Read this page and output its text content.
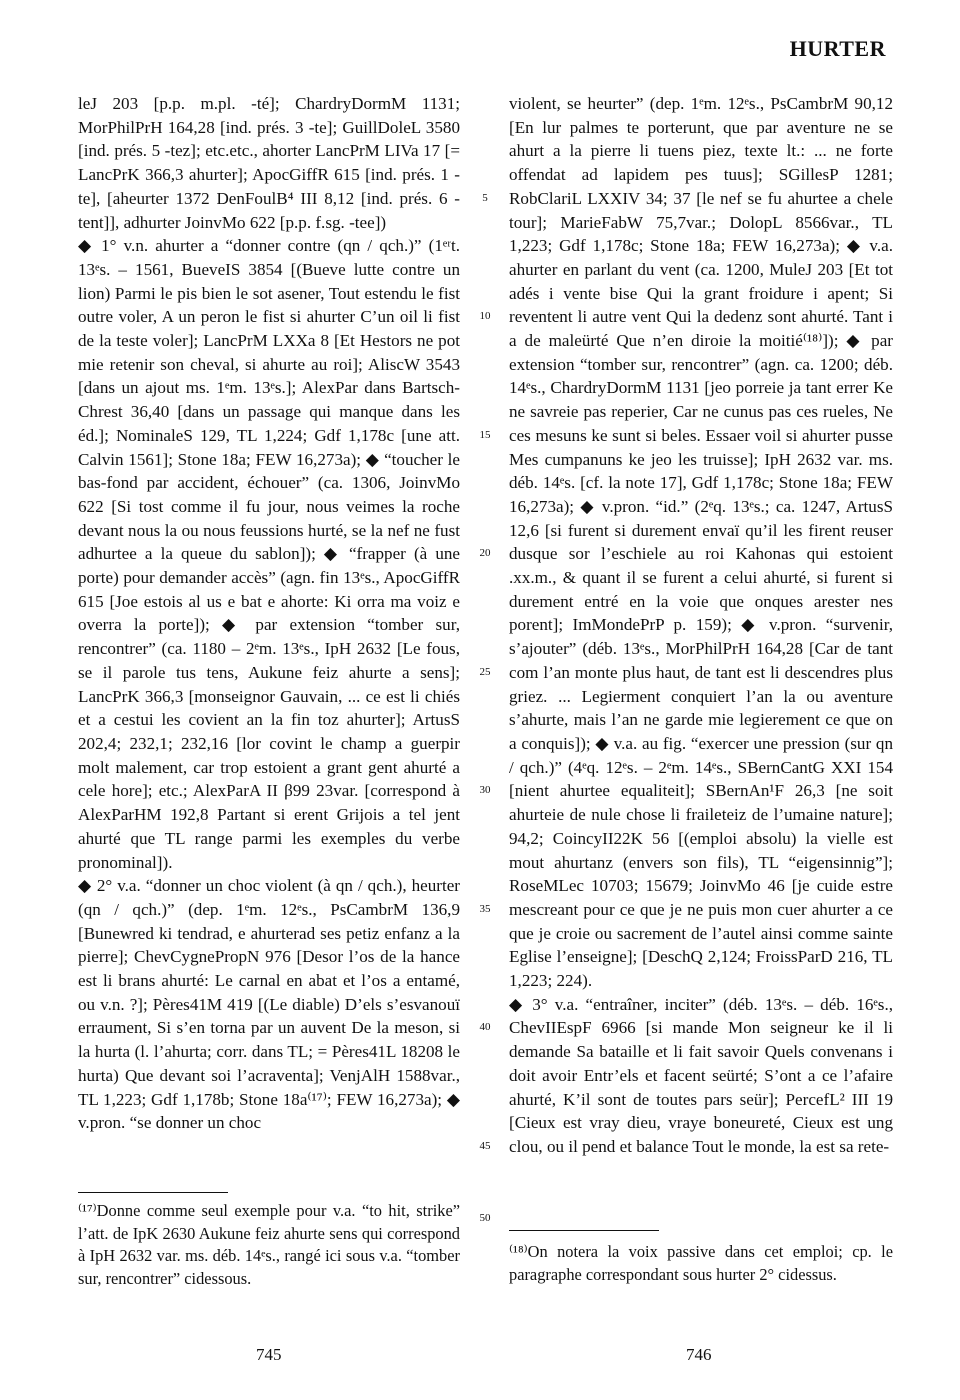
HURTER

leJ 203 [p.p. m.pl. -té]; ChardryDormM 1131; MorPhilPrH 164,28 [ind. prés. 3 -te]; GuillDoleL 3580 [ind. prés. 5 -tez]; etc.etc., ahorter LancPrM LIVa 17 [= LancPrK 366,3 ahurter]; ApocGiffR 615 [ind. prés. 1 -te], [aheurter 1372 DenFoulB⁴ III 8,12 [ind. prés. 6 -tent]], adhurter JoinvMo 622 [p.p. f.sg. -tee])

◆ 1° v.n. ahurter a “donner contre (qn / qch.)” (1ᵉʳt. 13ᵉs. – 1561, BueveIS 3854 [(Bueve lutte contre un lion) Parmi le pis bien le sot asener, Tout estendu le fist outre voler, A un peron le fist si ahurter C’un oil li fist de la teste voler]; LancPrM LXXa 8 [Et Hestors ne pot mie retenir son cheval, si ahurte au roi]; AliscW 3543 [dans un ajout ms. 1ᵉm. 13ᵉs.]; AlexPar dans Bartsch-Chrest 36,40 [dans un passage qui manque dans les éd.]; NominaleS 129, TL 1,224; Gdf 1,178c [une att. Calvin 1561]; Stone 18a; FEW 16,273a); ◆ “toucher le bas-fond par accident, échouer” (ca. 1306, JoinvMo 622 [Si tost comme il fu jour, nous veimes la roche devant nous la ou nous feussions hurté, se la nef ne fust adhurtee a la queue du sablon]); ◆ “frapper (à une porte) pour demander accès” (agn. fin 13ᵉs., ApocGiffR 615 [Joe estois al us e bat e ahorte: Ki orra ma voiz e overra la porte]); ◆ par extension “tomber sur, rencontrer” (ca. 1180 – 2ᵉm. 13ᵉs., IpH 2632 [Le fous, se il parole tus tens, Aukune feiz ahurte a sens]; LancPrK 366,3 [monseignor Gauvain, ... ce est li chiés et a cestui les covient an la fin toz ahurter]; ArtusS 202,4; 232,1; 232,16 [lor covint le champ a guerpir molt malement, car trop estoient a grant gent ahurté a cele hore]; etc.; AlexParA II β99 23var. [correspond à AlexParHM 192,8 Partant si erent Grijois a tel jent ahurté que TL range parmi les exemples du verbe pronominal]).

◆ 2° v.a. “donner un choc violent (à qn / qch.), heurter (qn / qch.)” (dep. 1ᵉm. 12ᵉs., PsCambrM 136,9 [Bunewred ki tendrad, e ahurterad ses petiz enfanz a la pierre]; ChevCygnePropN 976 [Desor l’os de la hance est li brans ahurté: Le carnal en abat et l’os a entamé, ou v.n. ?]; Pères41M 419 [(Le diable) D’els s’esvanouï erraument, Si s’en torna par un auvent De la meson, si la hurta (l. l’ahurta; corr. dans TL; = Pères41L 18208 le hurta) Que devant soi l’acraventa]; VenjAlH 1588var., TL 1,223; Gdf 1,178b; Stone 18a⁽¹⁷⁾; FEW 16,273a); ◆ v.pron. “se donner un choc

5
10
15
20
25
30
35
40
45
50

violent, se heurter” (dep. 1ᵉm. 12ᵉs., PsCambrM 90,12 [En lur palmes te porterunt, que par aventure ne se ahurt a la pierre li tuens piez, texte lt.: ... ne forte offendat ad lapidem pes tuus]; SGillesP 1281; RobClariL LXXIV 34; 37 [le nef se fu ahurtee a chele tour]; MarieFabW 75,7var.; DolopL 8566var., TL 1,223; Gdf 1,178c; Stone 18a; FEW 16,273a); ◆ v.a. ahurter en parlant du vent (ca. 1200, MuleJ 203 [Et tot adés i vente bise Qui la grant froidure i apent; Si reventent li autre vent Qui la dedenz sont ahurté. Tant i a de maleürté Que n’en diroie la moitié⁽¹⁸⁾]); ◆ par extension “tomber sur, rencontrer” (agn. ca. 1200; déb. 14ᵉs., ChardryDormM 1131 [jeo porreie ja tant errer Ke ne savreie pas reperier, Car ne cunus pas ces rueles, Ne ces mesuns ke sunt si beles. Essaer voil si ahurter pusse Mes cumpanuns ke jeo les truisse]; IpH 2632 var. ms. déb. 14ᵉs. [cf. la note 17], Gdf 1,178c; Stone 18a; FEW 16,273a); ◆ v.pron. “id.” (2ᵉq. 13ᵉs.; ca. 1247, ArtusS 12,6 [si furent si durement envaï qu’il les firent reuser dusque sor l’eschiele au roi Kahonas qui estoient .xx.m., & quant il se furent a celui ahurté, si furent si durement entré en la voie que onques arester nes porent]; ImMondePrP p. 159); ◆ v.pron. “survenir, s’ajouter” (déb. 13ᵉs., MorPhilPrH 164,28 [Car de tant com l’an monte plus haut, de tant est li descendres plus griez. ... Legierment conquiert l’an la ou aventure s’ahurte, mais l’an ne garde mie legierement ce que on a conquis]); ◆ v.a. au fig. “exercer une pression (sur qn / qch.)” (4ᵉq. 12ᵉs. – 2ᵉm. 14ᵉs., SBernCantG XXI 154 [nient ahurtee equaliteit]; SBernAn¹F 26,3 [ne soit ahurteie de nule chose li fraileteiz de l’umaine nature]; 94,2; CoincyII22K 56 [(emploi absolu) la vielle est mout ahurtanz (envers son fils), TL “eigensinnig”]; RoseMLec 10703; 15679; JoinvMo 46 [je cuide estre mescreant pour ce que je ne puis mon cuer ahurter a ce que je croie ou sacrement de l’autel ainsi comme sainte Eglise l’enseigne]; [DeschQ 2,124; FroissParD 216, TL 1,223; 224).

◆ 3° v.a. “entraîner, inciter” (déb. 13ᵉs. – déb. 16ᵉs., ChevIIEspF 6966 [si mande Mon seigneur ke il li demande Sa bataille et li fait savoir Quels convenans i doit avoir Entr’els et facent seürté; S’ont a ce l’afaire ahurté, K’il sont de toutes pars seür]; PercefL² III 19 [Cieux est vray dieu, vraye boneureté, Cieux est ung clou, ou il pend et balance Tout le monde, la est sa rete-

⁽¹⁷⁾Donne comme seul exemple pour v.a. “to hit, strike” l’att. de IpK 2630 Aukune feiz ahurte sens qui correspond à IpH 2632 var. ms. déb. 14ᵉs., rangé ici sous v.a. “tomber sur, rencontrer” cidessous.
⁽¹⁸⁾On notera la voix passive dans cet emploi; cp. le paragraphe correspondant sous hurter 2° cidessus.
745	746
